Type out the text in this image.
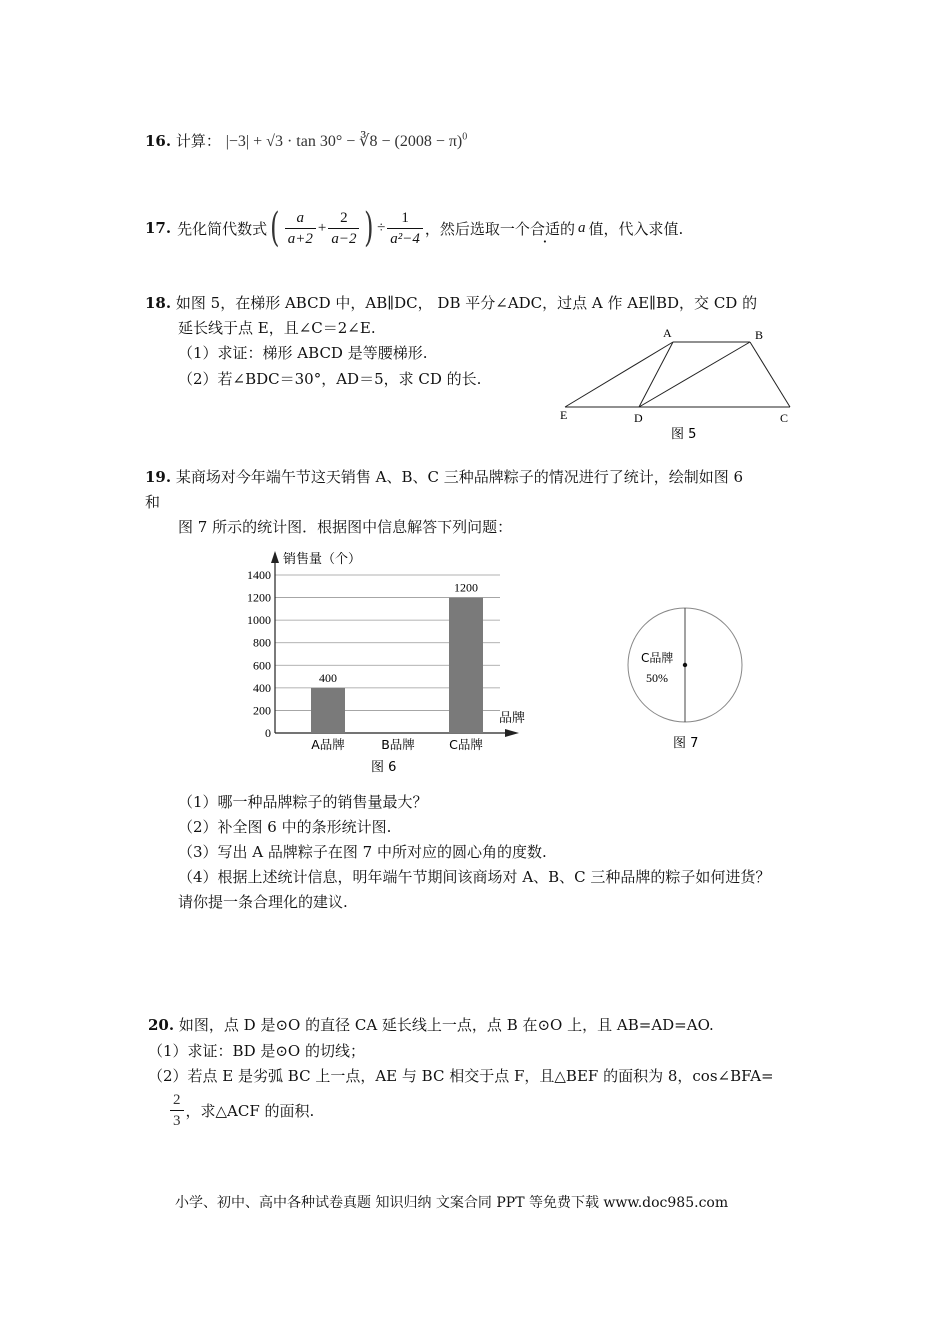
16. 计算： |−3| + √3 · tan 30° − ∛8 − $(2008 - \pi)^0$
17. 先化简代数式 ( $\frac{a}{a+2} + \frac{2}{a-2}$ ) ÷ $\frac{1}{\text{a²−4}}$ ，然后选取一个 合适 · 的 a 值，代入求值.
18. 如图 5，在梯形 ABCD 中，AB∥DC， DB 平分∠ADC，过点 A 作 AE∥BD，交 CD 的
延长线于点 E，且∠C＝2∠E.
（1）求证：梯形 ABCD 是等腰梯形.
（2）若∠BDC＝30°，AD＝5，求 CD 的长.
A	B
C
D
E
图 5
19. 某商场对今年端午节这天销售 A、B、C 三种品牌粽子的情况进行了统计，绘制如图 6
和
图 7 所示的统计图．根据图中信息解答下列问题：
0
200
400
600
800
1000
1200
1400
400
1200
A品牌	B品牌	C品牌
销售量（个）
品牌
图 6
C品牌
50%
图 7
（1）哪一种品牌粽子的销售量最大？
（2）补全图 6 中的条形统计图.
（3）写出 A 品牌粽子在图 7 中所对应的圆心角的度数.
（4）根据上述统计信息，明年端午节期间该商场对 A、B、C 三种品牌的粽子如何进货？
请你提一条合理化的建议.
20. 如图，点 D 是⊙O 的直径 CA 延长线上一点，点 B 在⊙O 上，且 AB=AD=AO.
（1）求证：BD 是⊙O 的切线；
（2）若点 E 是劣弧 BC 上一点，AE 与 BC 相交于点 F，且△BEF 的面积为 8，cos∠BFA=
$\frac{2}{3}$ ，求△ACF 的面积.
小学、初中、高中各种试卷真题 知识归纳 文案合同 PPT 等免费下载 www.doc985.com
